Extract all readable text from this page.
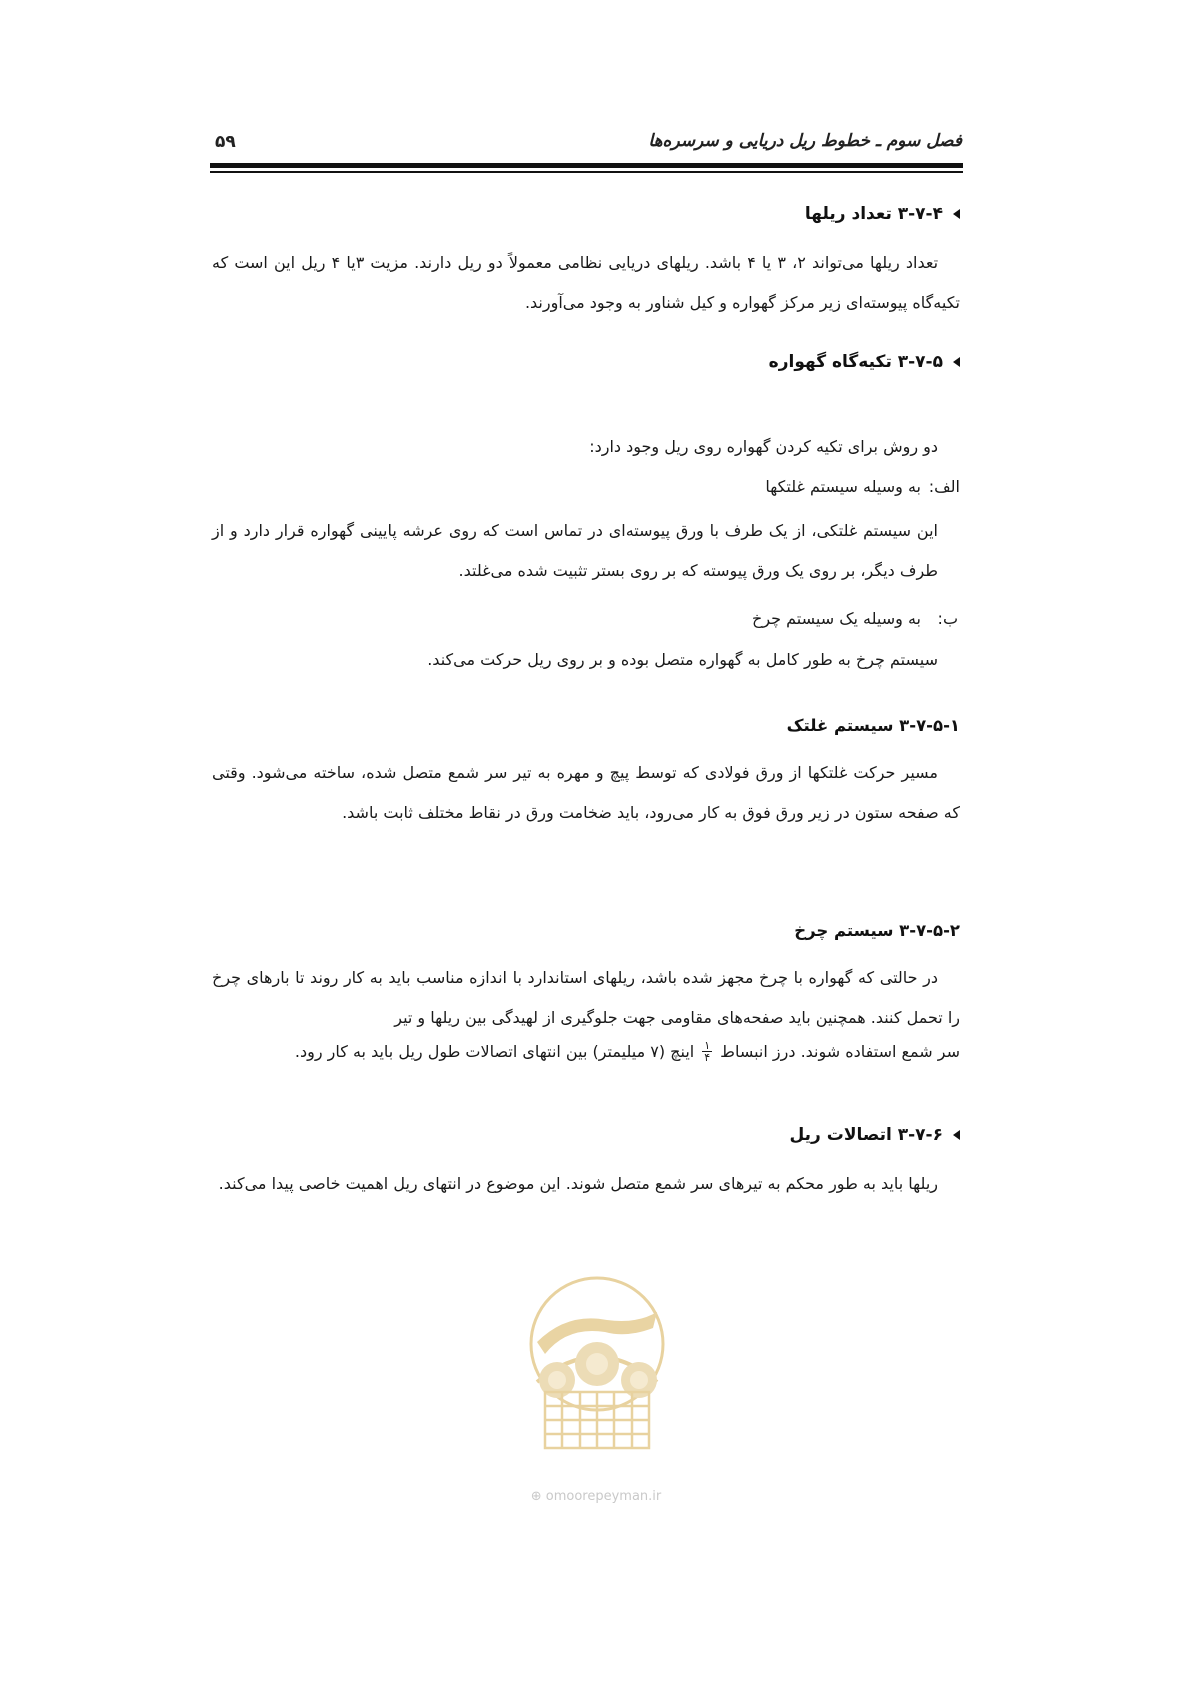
فصل سوم ـ خطوط ریل دریایی و سرسره‌ها
۵۹
۳-۷-۴ تعداد ریلها
تعداد ریلها می‌تواند ۲، ۳ یا ۴ باشد. ریلهای دریایی نظامی معمولاً دو ریل دارند. مزیت ۳یا ۴ ریل این است که تکیه‌گاه پیوسته‌ای زیر مرکز گهواره و کیل شناور به وجود می‌آورند.
۳-۷-۵ تکیه‌گاه گهواره
دو روش برای تکیه کردن گهواره روی ریل وجود دارد:
الف:
به وسیله سیستم غلتکها
این سیستم غلتکی، از یک طرف با ورق پیوسته‌ای در تماس است که روی عرشه پایینی گهواره قرار دارد و از طرف دیگر، بر روی یک ورق پیوسته که بر روی بستر تثبیت شده می‌غلتد.
ب:
به وسیله یک سیستم چرخ
سیستم چرخ به طور کامل به گهواره متصل بوده و بر روی ریل حرکت می‌کند.
۳-۷-۵-۱ سیستم غلتک
مسیر حرکت غلتکها از ورق فولادی که توسط پیچ و مهره به تیر سر شمع متصل شده، ساخته می‌شود. وقتی که صفحه ستون در زیر ورق فوق به کار می‌رود، باید ضخامت ورق در نقاط مختلف ثابت باشد.
۳-۷-۵-۲ سیستم چرخ
در حالتی که گهواره با چرخ مجهز شده باشد، ریلهای استاندارد با اندازه مناسب باید به کار روند تا بارهای چرخ را تحمل کنند. همچنین باید صفحه‌های مقاومی جهت جلوگیری از لهیدگی بین ریلها و تیر
سر شمع استفاده شوند. درز انبساط
$\frac{۱}{۴}$
اینچ (۷ میلیمتر) بین انتهای اتصالات طول ریل باید به کار رود.
۳-۷-۶ اتصالات ریل
ریلها باید به طور محکم به تیرهای سر شمع متصل شوند. این موضوع در انتهای ریل اهمیت خاصی پیدا می‌کند.
⊕ omoorepeyman.ir
